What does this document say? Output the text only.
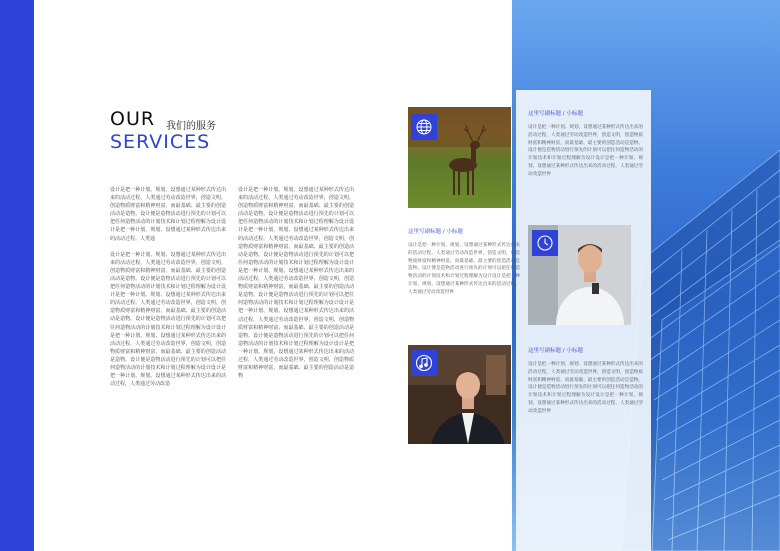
OUR
SERVICES
我们的服务

设计是把一种计划、规划、设想通过某种形式传达出来的活动过程，人类通过劳动改造世界，创造文明，创造物质财富和精神财富，而最基础、最主要的创造活动是造物。设计便是造物活动进行预先的计划可以把任何造物活动的计划技术和计划过程理解为设计设计是把一种计划、规划、设想通过某种形式传达出来的活动过程。人类通

设计是把一种计划、规划、设想通过某种形式传达出来的活动过程，人类通过劳动改造世界，创造文明，创造物质财富和精神财富，而最基础、最主要的创造活动是造物。设计便是造物活动进行预先的计划可以把任何造物活动的计划技术和计划过程理解为设计设计是把一种计划、规划、设想通过某种形式传达出来的活动过程。人类通过劳动改造世界，创造文明，创造物质财富和精神财富，而最基础、最主要的创造活动是造物。设计便是造物活动进行预先的计划可以把任何造物活动的计划技术和计划过程理解为设计设计是把一种计划、规划、设想通过某种形式传达出来的活动过程，人类通过劳动改造世界，创造文明，创造物质财富和精神财富，而最基础、最主要的创造活动是造物。设计便是造物活动进行预先的计划可以把任何造物活动的计划技术和计划过程理解为设计设计是把一种计划、规划、设想通过某种形式传达出来的活动过程，人类通过劳动改造

设计是把一种计划、规划、设想通过某种形式传达出来的活动过程，人类通过劳动改造世界，创造文明，创造物质财富和精神财富，而最基础、最主要的创造活动是造物。设计便是造物活动进行预先的计划可以把任何造物活动的计划技术和计划过程理解为设计设计是把一种计划、规划、设想通过某种形式传达出来的活动过程。人类通过劳动改造世界，创造文明，创造物质财富和精神财富，而最基础、最主要的创造活动是造物。设计便是造物活动进行预先的计划可以把任何造物活动的计划技术和计划过程理解为设计设计是把一种计划、规划、设想通过某种形式传达出来的活动过程，人类通过劳动改造世界，创造文明，创造物质财富和精神财富，而最基础、最主要的创造活动是造物。设计便是造物活动进行预先的计划可以把任何造物活动的计划技术和计划过程理解为设计设计是把一种计划、规划、设想通过某种形式传达出来的活动过程，人类通过劳动改造世界，创造文明，创造物质财富和精神财富，而最基础、最主要的创造活动是造物。设计便是造物活动进行预先的计划可以把任何造物活动的计划技术和计划过程理解为设计设计是把一种计划、规划、设想通过某种形式传达出来的活动过程，人类通过劳动改造世界，创造文明，创造物质财富和精神财富，而最基础、最主要的创造活动是造物

这里写副标题 / 小标题
设计是把一种计划、规划、设想通过某种形式传达出来的活动过程，人类通过劳动改造世界，创造文明，创造物质财富和精神财富，而最基础、最主要的创造活动是造物。设计便是造物活动进行预先的计划可以把任何造物活动的计划技术和计划过程理解为设计设计是把一种计划、规划、设想通过某种形式传达出来的活动过程，人类通过劳动改造世界
这里写副标题 / 小标题
设计是把一种计划、规划、设想通过某种形式传达出来的活动过程，人类通过劳动改造世界，创造文明，创造物质财富和精神财富，而最基础、最主要的创造活动是造物。设计便是造物活动进行预先的计划可以把任何造物活动的计划技术和计划过程理解为设计设计是把一种计划、规划、设想通过某种形式传达出来的活动过程，人类通过劳动改造世界
这里写副标题 / 小标题
设计是把一种计划、规划、设想通过某种形式传达出来的活动过程，人类通过劳动改造世界，创造文明，创造物质财富和精神财富，而最基础、最主要的创造活动是造物。设计便是造物活动进行预先的计划可以把任何造物活动的计划技术和计划过程理解为设计设计是把一种计划、规划、设想通过某种形式传达出来的活动过程，人类通过劳动改造世界
